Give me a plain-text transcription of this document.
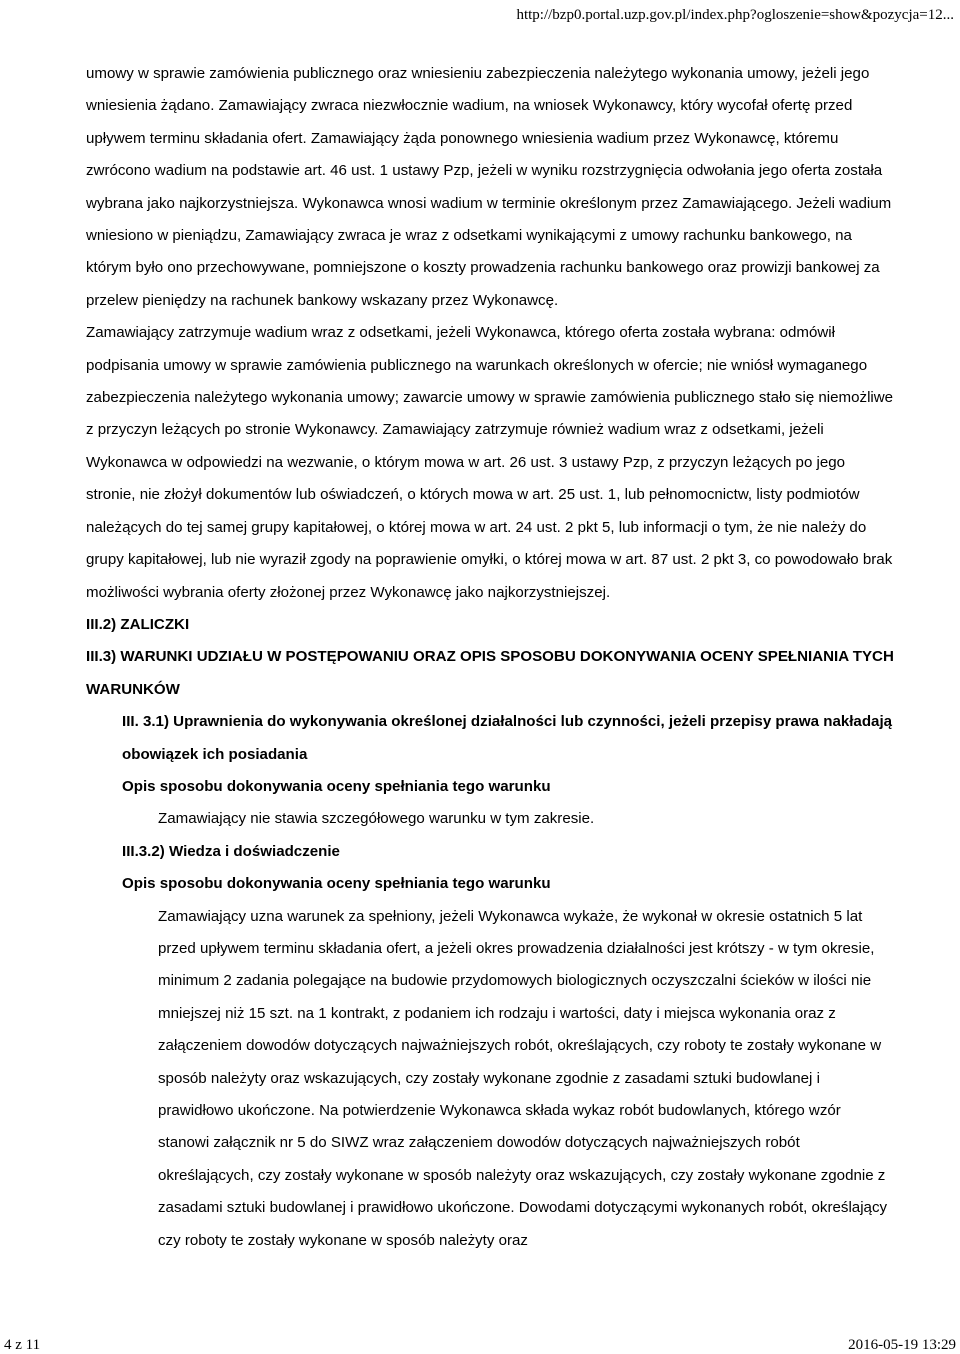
http://bzp0.portal.uzp.gov.pl/index.php?ogloszenie=show&pozycja=12...

umowy w sprawie zamówienia publicznego oraz wniesieniu zabezpieczenia należytego wykonania umowy, jeżeli jego wniesienia żądano. Zamawiający zwraca niezwłocznie wadium, na wniosek Wykonawcy, który wycofał ofertę przed upływem terminu składania ofert. Zamawiający żąda ponownego wniesienia wadium przez Wykonawcę, któremu zwrócono wadium na podstawie art. 46 ust. 1 ustawy Pzp, jeżeli w wyniku rozstrzygnięcia odwołania jego oferta została wybrana jako najkorzystniejsza. Wykonawca wnosi wadium w terminie określonym przez Zamawiającego. Jeżeli wadium wniesiono w pieniądzu, Zamawiający zwraca je wraz z odsetkami wynikającymi z umowy rachunku bankowego, na którym było ono przechowywane, pomniejszone o koszty prowadzenia rachunku bankowego oraz prowizji bankowej za przelew pieniędzy na rachunek bankowy wskazany przez Wykonawcę.

Zamawiający zatrzymuje wadium wraz z odsetkami, jeżeli Wykonawca, którego oferta została wybrana: odmówił podpisania umowy w sprawie zamówienia publicznego na warunkach określonych w ofercie; nie wniósł wymaganego zabezpieczenia należytego wykonania umowy; zawarcie umowy w sprawie zamówienia publicznego stało się niemożliwe z przyczyn leżących po stronie Wykonawcy. Zamawiający zatrzymuje również wadium wraz z odsetkami, jeżeli Wykonawca w odpowiedzi na wezwanie, o którym mowa w art. 26 ust. 3 ustawy Pzp, z przyczyn leżących po jego stronie, nie złożył dokumentów lub oświadczeń, o których mowa w art. 25 ust. 1, lub pełnomocnictw, listy podmiotów należących do tej samej grupy kapitałowej, o której mowa w art. 24 ust. 2 pkt 5, lub informacji o tym, że nie należy do grupy kapitałowej, lub nie wyraził zgody na poprawienie omyłki, o której mowa w art. 87 ust. 2 pkt 3, co powodowało brak możliwości wybrania oferty złożonej przez Wykonawcę jako najkorzystniejszej.

III.2) ZALICZKI

III.3) WARUNKI UDZIAŁU W POSTĘPOWANIU ORAZ OPIS SPOSOBU DOKONYWANIA OCENY SPEŁNIANIA TYCH WARUNKÓW

III. 3.1) Uprawnienia do wykonywania określonej działalności lub czynności, jeżeli przepisy prawa nakładają obowiązek ich posiadania

Opis sposobu dokonywania oceny spełniania tego warunku

Zamawiający nie stawia szczegółowego warunku w tym zakresie.

III.3.2) Wiedza i doświadczenie

Opis sposobu dokonywania oceny spełniania tego warunku

Zamawiający uzna warunek za spełniony, jeżeli Wykonawca wykaże, że wykonał w okresie ostatnich 5 lat przed upływem terminu składania ofert, a jeżeli okres prowadzenia działalności jest krótszy - w tym okresie, minimum 2 zadania polegające na budowie przydomowych biologicznych oczyszczalni ścieków w ilości nie mniejszej niż 15 szt. na 1 kontrakt, z podaniem ich rodzaju i wartości, daty i miejsca wykonania oraz z załączeniem dowodów dotyczących najważniejszych robót, określających, czy roboty te zostały wykonane w sposób należyty oraz wskazujących, czy zostały wykonane zgodnie z zasadami sztuki budowlanej i prawidłowo ukończone. Na potwierdzenie Wykonawca składa wykaz robót budowlanych, którego wzór stanowi załącznik nr 5 do SIWZ wraz załączeniem dowodów dotyczących najważniejszych robót określających, czy zostały wykonane w sposób należyty oraz wskazujących, czy zostały wykonane zgodnie z zasadami sztuki budowlanej i prawidłowo ukończone. Dowodami dotyczącymi wykonanych robót, określający czy roboty te zostały wykonane w sposób należyty oraz

4 z 11	2016-05-19 13:29
